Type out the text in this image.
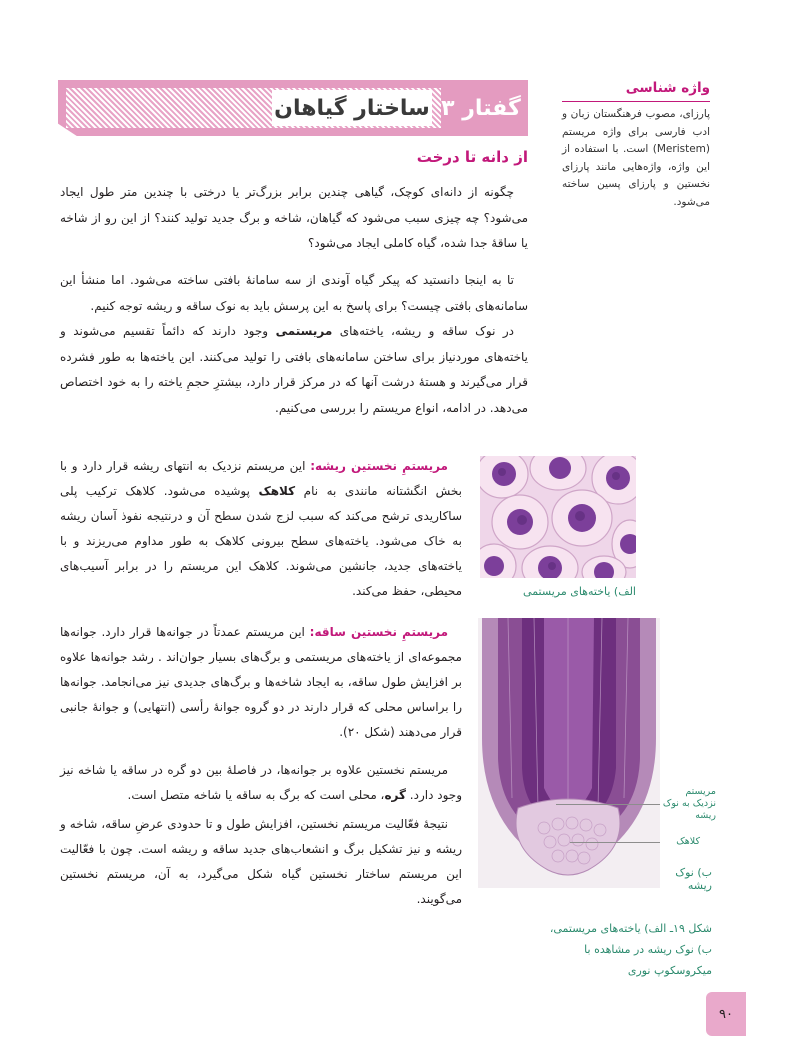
ساختار گیاهان گفتار ۳
واژه شناسی
پارزای، مصوب فرهنگستان زبان و ادب فارسی برای واژه مریستم (Meristem) است. با استفاده از این واژه، واژه‌هایی مانند پارزای نخستین و پارزای پسین ساخته می‌شود.
از دانه تا درخت
چگونه از دانه‌ای کوچک، گیاهی چندین برابر بزرگ‌تر یا درختی با چندین متر طول ایجاد می‌شود؟ چه چیزی سبب می‌شود که گیاهان، شاخه و برگ جدید تولید کنند؟ از این رو از شاخه یا ساقهٔ جدا شده، گیاه کاملی ایجاد می‌شود؟
تا به اینجا دانستید که پیکر گیاه آوندی از سه سامانهٔ بافتی ساخته می‌شود. اما منشأ این سامانه‌های بافتی چیست؟ برای پاسخ به این پرسش باید به نوک ساقه و ریشه توجه کنیم.
در نوک ساقه و ریشه، یاخته‌های مریستمی وجود دارند که دائماً تقسیم می‌شوند و یاخته‌های موردنیاز برای ساختن سامانه‌های بافتی را تولید می‌کنند. این یاخته‌ها به طور فشرده قرار می‌گیرند و هستهٔ درشت آنها که در مرکز قرار دارد، بیشترِ حجمِ یاخته را به خود اختصاص می‌دهد. در ادامه، انواع مریستم را بررسی می‌کنیم.
مریستمِ نخستین ریشه: این مریستم نزدیک به انتهای ریشه قرار دارد و با بخش انگشتانه مانندی به نام کلاهک پوشیده می‌شود. کلاهک ترکیب پلی ساکاریدی ترشح می‌کند که سبب لزج شدن سطح آن و درنتیجه نفوذ آسان ریشه به خاک می‌شود. یاخته‌های سطح بیرونی کلاهک به طور مداوم می‌ریزند و با یاخته‌های جدید، جانشین می‌شوند. کلاهک این مریستم را در برابر آسیب‌های محیطی، حفظ می‌کند.
مریستمِ نخستین ساقه: این مریستم عمدتاً در جوانه‌ها قرار دارد. جوانه‌ها مجموعه‌ای از یاخته‌های مریستمی و برگ‌های بسیار جوان‌اند . رشد جوانه‌ها علاوه بر افزایش طول ساقه، به ایجاد شاخه‌ها و برگ‌های جدیدی نیز می‌انجامد. جوانه‌ها را براساس محلی که قرار دارند در دو گروه جوانهٔ رأسی (انتهایی) و جوانهٔ جانبی قرار می‌دهند (شکل ۲۰).
مریستم نخستین علاوه بر جوانه‌ها، در فاصلهٔ بین دو گره در ساقه یا شاخه نیز وجود دارد. گره، محلی است که برگ به ساقه یا شاخه متصل است.
نتیجهٔ فعّالیت مریستم نخستین، افزایش طول و تا حدودی عرضِ ساقه، شاخه و ریشه و نیز تشکیل برگ و انشعاب‌های جدید ساقه و ریشه است. چون با فعّالیت این مریستم ساختار نخستین گیاه شکل می‌گیرد، به آن، مریستم نخستین می‌گویند.
الف) یاخته‌های مریستمی
مریستم نزدیک به نوک ریشه
کلاهک
ب) نوک ریشه
شکل ۱۹ـ الف) یاخته‌های مریستمی، ب) نوک ریشه در مشاهده با میکروسکوپ نوری
۹۰
